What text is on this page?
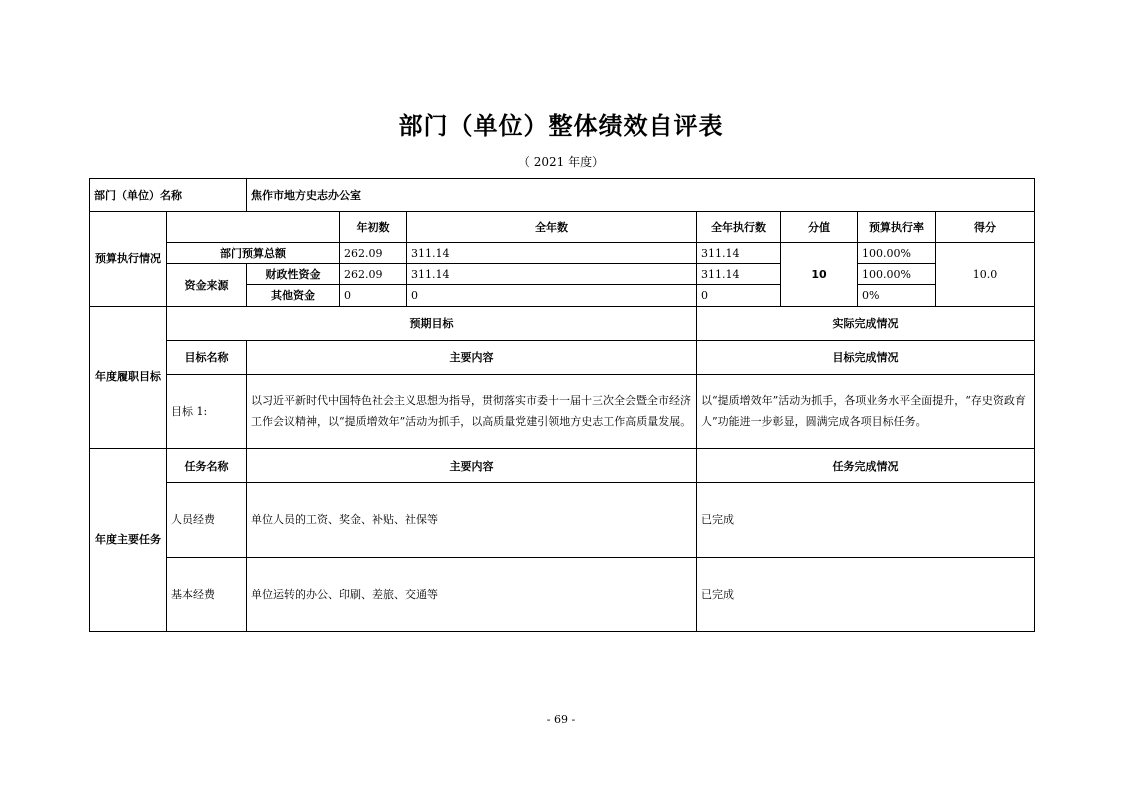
部门（单位）整体绩效自评表
（ 2021 年度）
部门（单位）名称		焦作市地方史志办公室						
预算执行情况			年初数	全年数	全年执行数	分值	预算执行率	得分
	部门预算总额		262.09	311.14	311.14	10	100.00%	10.0
	资金来源	财政性资金	262.09	311.14	311.14		100.00%	
		其他资金	0	0	0		0%	
年度履职目标	预期目标				实际完成情况			
	目标名称	主要内容			目标完成情况			
	目标 1:	以习近平新时代中国特色社会主义思想为指导，贯彻落实市委十一届十三次全会暨全市经济工作会议精神，以“提质增效年”活动为抓手，以高质量党建引领地方史志工作高质量发展。			以“提质增效年”活动为抓手，各项业务水平全面提升，“存史资政育人”功能进一步彰显，圆满完成各项目标任务。			
年度主要任务	任务名称	主要内容			任务完成情况			
	人员经费	单位人员的工资、奖金、补贴、社保等			已完成			
	基本经费	单位运转的办公、印刷、差旅、交通等			已完成			
- 69 -
